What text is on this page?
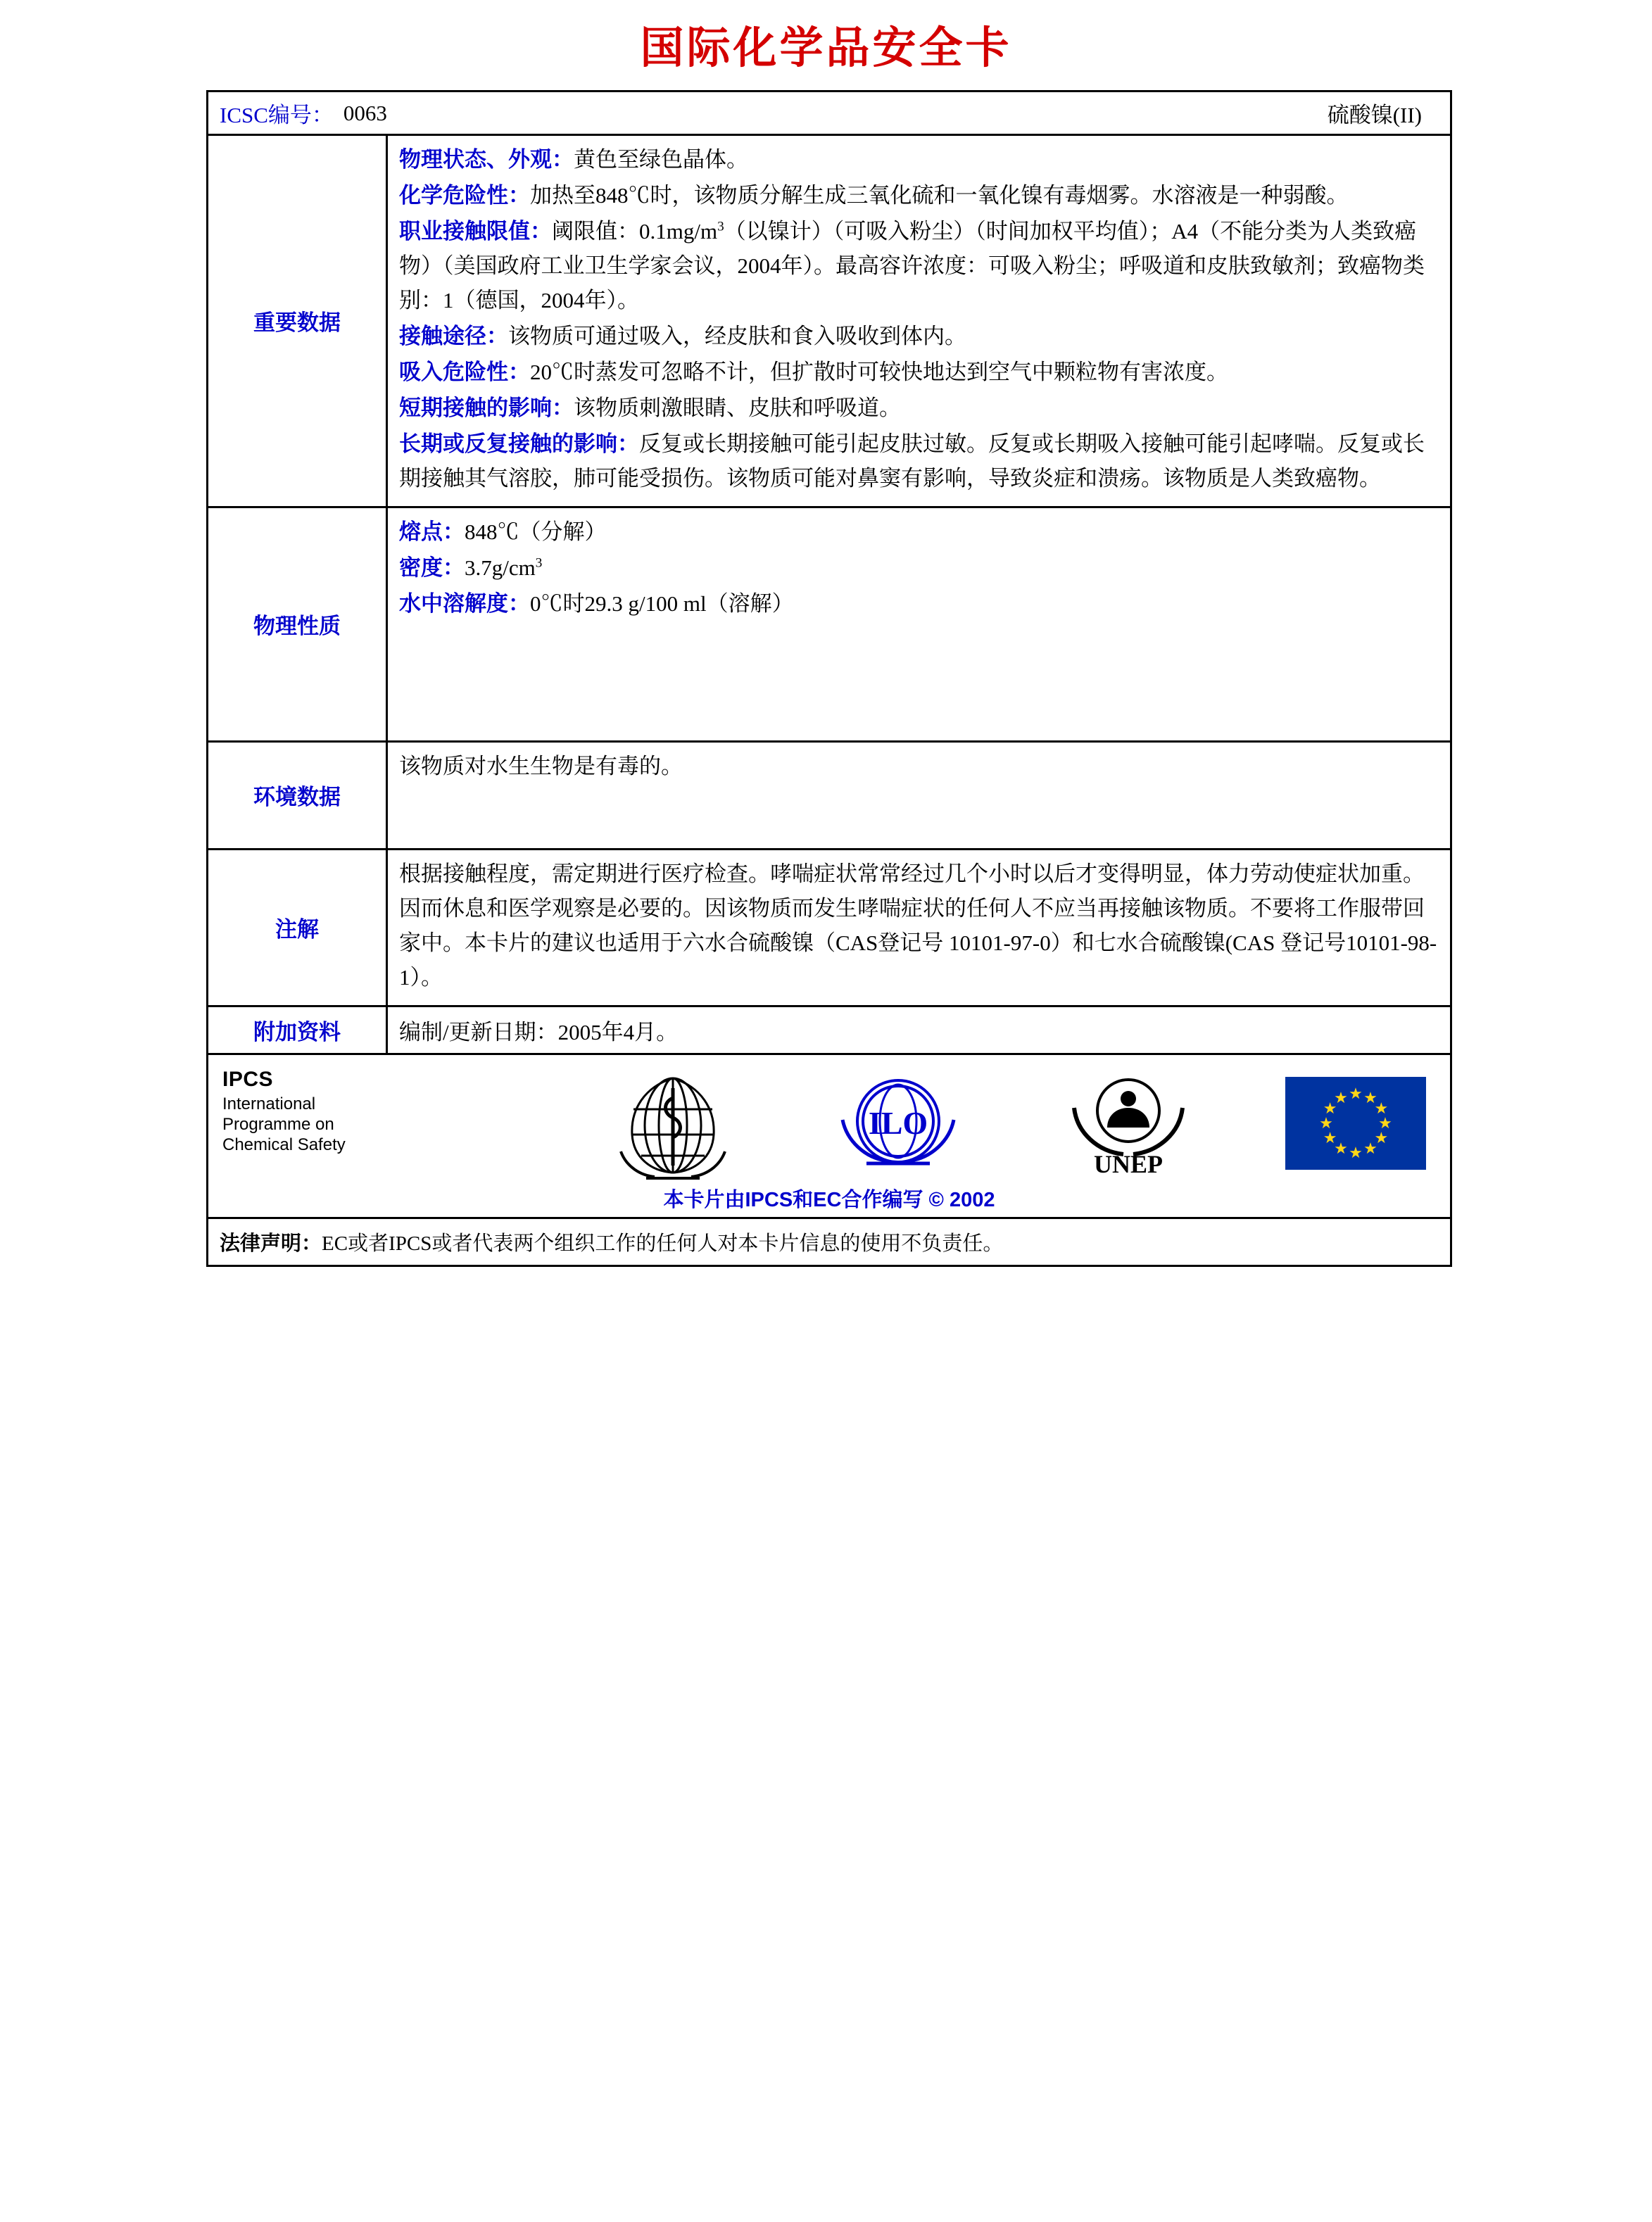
国际化学品安全卡
ICSC编号： 0063	硫酸镍(II)
重要数据

物理状态、外观：黄色至绿色晶体。

化学危险性：加热至848℃时，该物质分解生成三氧化硫和一氧化镍有毒烟雾。水溶液是一种弱酸。

职业接触限值：阈限值：$0.1mg/m^3$（以镍计）（可吸入粉尘）（时间加权平均值）；A4（不能分类为人类致癌物）（美国政府工业卫生学家会议，2004年）。最高容许浓度：可吸入粉尘；呼吸道和皮肤致敏剂；致癌物类别：1（德国，2004年）。

接触途径：该物质可通过吸入，经皮肤和食入吸收到体内。

吸入危险性：20℃时蒸发可忽略不计，但扩散时可较快地达到空气中颗粒物有害浓度。

短期接触的影响：该物质刺激眼睛、皮肤和呼吸道。

长期或反复接触的影响：反复或长期接触可能引起皮肤过敏。反复或长期吸入接触可能引起哮喘。反复或长期接触其气溶胶，肺可能受损伤。该物质可能对鼻窦有影响，导致炎症和溃疡。该物质是人类致癌物。

物理性质

熔点：848℃（分解）

密度：$3.7g/cm^3$

水中溶解度：0℃时29.3 g/100 ml（溶解）

环境数据

该物质对水生生物是有毒的。

注解

根据接触程度，需定期进行医疗检查。哮喘症状常常经过几个小时以后才变得明显，体力劳动使症状加重。因而休息和医学观察是必要的。因该物质而发生哮喘症状的任何人不应当再接触该物质。不要将工作服带回家中。本卡片的建议也适用于六水合硫酸镍（CAS登记号 10101-97-0）和七水合硫酸镍(CAS 登记号10101-98-1）。

附加资料	编制/更新日期：2005年4月。
IPCS
International
Programme on
Chemical Safety
ILO
UNEP
★ ★
★
★
★
★
★
★
★
★
★
★
本卡片由IPCS和EC合作编写 © 2002
法律声明： EC或者IPCS或者代表两个组织工作的任何人对本卡片信息的使用不负责任。
